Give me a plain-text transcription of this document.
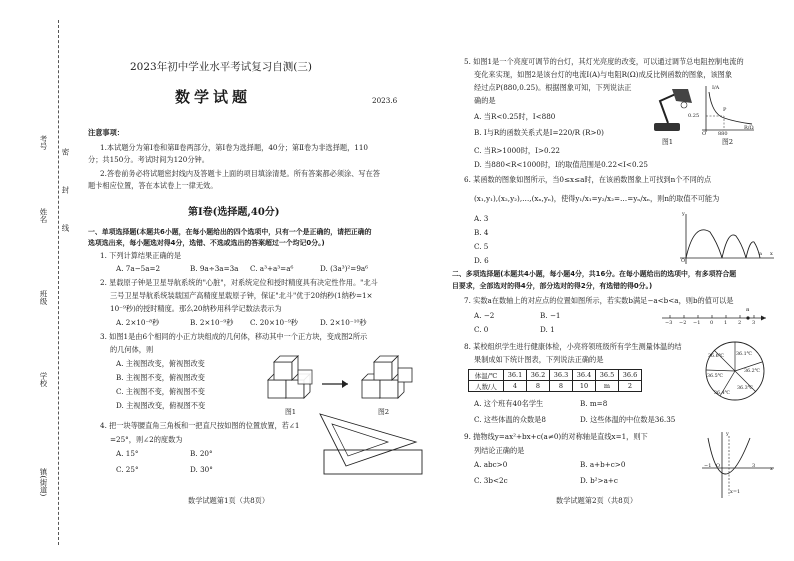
密　　　封　　　线
考号
姓名
班级
学校
镇(街道)
2023年初中学业水平考试复习自测(三)
数学试题	2023.6
注意事项：
1.本试题分为第Ⅰ卷和第Ⅱ卷两部分，第Ⅰ卷为选择题，40分；第Ⅱ卷为非选择题，110
分；共150分。考试时间为120分钟。
2.答卷前务必将试题密封线内及答题卡上面的项目填涂清楚。所有答案都必须涂、写在答
题卡相应位置，答在本试卷上一律无效。
第Ⅰ卷(选择题,40分)
一、单项选择题(本题共6小题，在每小题给出的四个选项中，只有一个是正确的，请把正确的
选项选出来，每小题选对得4分，选错、不选或选出的答案超过一个均记0分。)
1. 下列计算结果正确的是
A. 7a−5a=2	B. 9a÷3a=3a C. a³+a³=a⁶	D. (3a³)²=9a⁶
2. 星载原子钟是卫星导航系统的"心脏"，对系统定位和授时精度具有决定性作用。"北斗
三号卫星导航系统装载国产高精度星载原子钟，保证"北斗"优于20纳秒(1纳秒=1×
10⁻⁹秒)的授时精度。那么20纳秒用科学记数法表示为
A. 2×10⁻⁸秒	B. 2×10⁻⁹秒 C. 20×10⁻⁹秒	D. 2×10⁻¹⁰秒
3. 如图1是由6个相同的小正方块组成的几何体，移动其中一个正方块，变成图2所示
的几何体，则
A. 主视图改变，俯视图改变
B. 主视图不变，俯视图改变
C. 主视图不变，俯视图不变
D. 主视图改变，俯视图不变
图1	图2
4. 把一块等腰直角三角板和一把直尺按如图的位置放置，若∠1
=25°，则∠2的度数为
A. 15°	B. 20°
C. 25°	D. 30°
数学试题第1页（共8页）
5. 如图1是一个亮度可调节的台灯，其灯光亮度的改变，可以通过调节总电阻控制电流的
变化来实现，如图2是该台灯的电流I(A)与电阻R(Ω)成反比例函数的图象，该图象
经过点P(880,0.25)。根据图象可知，下列说法正
确的是
A. 当R<0.25时，I<880
B. I与R的函数关系式是I=220/R (R>0)
C. 当R>1000时，I>0.22
D. 当880<R<1000时，I的取值范围是0.22<I<0.25
图1
I/A
P
0.25
880
R/Ω
O
图2
6. 某函数的图象如图所示，当0≤x≤a时，在该函数图象上可找到n个不同的点
(x₁,y₁),(x₂,y₂),…,(xₙ,yₙ)，使得y₁/x₁=y₂/x₂=…=yₙ/xₙ，则n的取值不可能为
A. 3
B. 4
C. 5
D. 6
y
O
a x
二、多项选择题(本题共4小题，每小题4分，共16分。在每小题给出的选项中，有多项符合题
目要求，全部选对的得4分，部分选对的得2分，有选错的得0分。)
7. 实数a在数轴上的对应点的位置如图所示，若实数b满足−a<b<a，则b的值可以是
A. −2	B. −1
C. 0	D. 1
−3 −2 −1 0 1 2 3
a
8. 某校组织学生进行健康体检，小亮将领班级所有学生测量体温的结
果制成如下统计图表，下列说法正确的是
体温/℃	36.1	36.2	36.3	36.4	36.5	36.6
人数/人	4	8	8	10	m	2
A. 这个班有40名学生	B. m=8
C. 这些体温的众数是8	D. 这些体温的中位数是36.35
36.6℃ 36.1℃
36.2℃
36.5℃
36.3℃
36.4℃
9. 抛物线y=ax²+bx+c(a≠0)的对称轴是直线x=1，则下
列结论正确的是
A. abc>0	B. a+b+c>0
C. 3b<2c	D. b²>a+c
y
x
−1 O	3
x=1
数学试题第2页（共8页）
